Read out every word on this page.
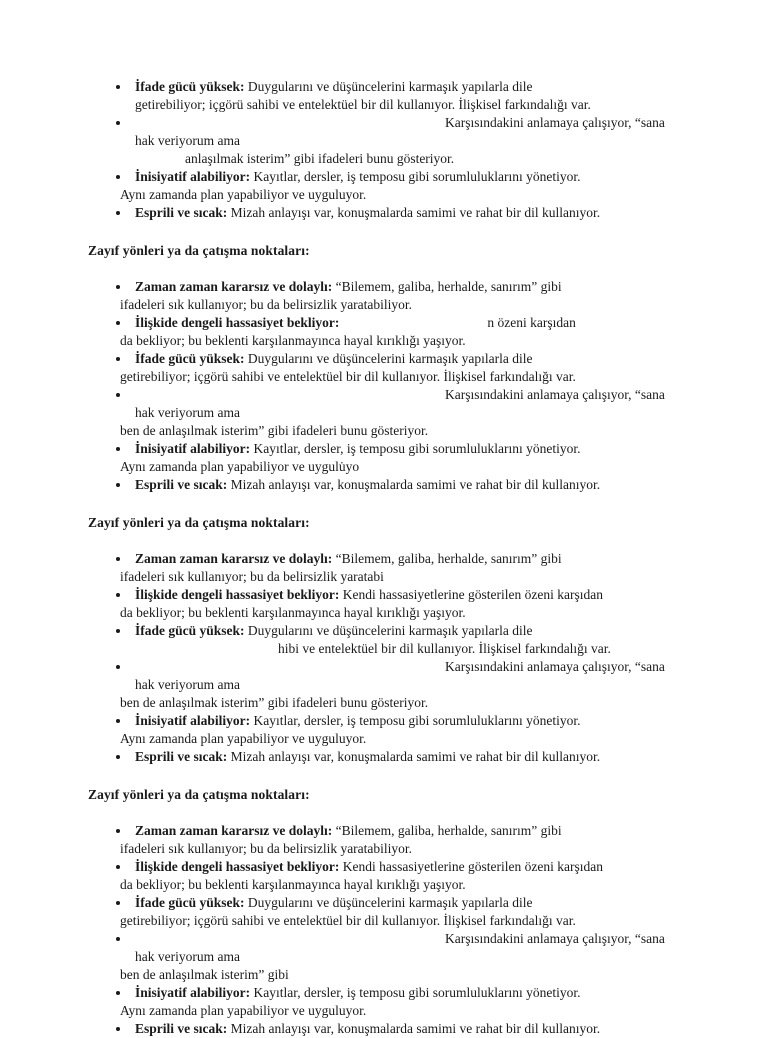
İfade gücü yüksek: Duygularını ve düşüncelerini karmaşık yapılarla dile
getirebiliyor; içgörü sahibi ve entelektüel bir dil kullanıyor. İlişkisel farkındalığı var.
Karşısındakini anlamaya çalışıyor, “sana hak veriyorum ama
anlaşılmak isterim” gibi ifadeleri bunu gösteriyor.
İnisiyatif alabiliyor: Kayıtlar, dersler, iş temposu gibi sorumluluklarını yönetiyor.
Aynı zamanda plan yapabiliyor ve uyguluyor.
Esprili ve sıcak: Mizah anlayışı var, konuşmalarda samimi ve rahat bir dil kullanıyor.
Zayıf yönleri ya da çatışma noktaları:
Zaman zaman kararsız ve dolaylı: “Bilemem, galiba, herhalde, sanırım” gibi
ifadeleri sık kullanıyor; bu da belirsizlik yaratabiliyor.
İlişkide dengeli hassasiyet bekliyor:	n özeni karşıdan
da bekliyor; bu beklenti karşılanmayınca hayal kırıklığı yaşıyor.
İfade gücü yüksek: Duygularını ve düşüncelerini karmaşık yapılarla dile
getirebiliyor; içgörü sahibi ve entelektüel bir dil kullanıyor. İlişkisel farkındalığı var.
Karşısındakini anlamaya çalışıyor, “sana hak veriyorum ama
ben de anlaşılmak isterim” gibi ifadeleri bunu gösteriyor.
İnisiyatif alabiliyor: Kayıtlar, dersler, iş temposu gibi sorumluluklarını yönetiyor.
Aynı zamanda plan yapabiliyor ve uygulu̇yo
Esprili ve sıcak: Mizah anlayışı var, konuşmalarda samimi ve rahat bir dil kullanıyor.
Zayıf yönleri ya da çatışma noktaları:
Zaman zaman kararsız ve dolaylı: “Bilemem, galiba, herhalde, sanırım” gibi
ifadeleri sık kullanıyor; bu da belirsizlik yaratabi
İlişkide dengeli hassasiyet bekliyor: Kendi hassasiyetlerine gösterilen özeni karşıdan
da bekliyor; bu beklenti karşılanmayınca hayal kırıklığı yaşıyor.
İfade gücü yüksek: Duygularını ve düşüncelerini karmaşık yapılarla dile
hibi ve entelektüel bir dil kullanıyor. İlişkisel farkındalığı var.
Karşısındakini anlamaya çalışıyor, “sana hak veriyorum ama
ben de anlaşılmak isterim” gibi ifadeleri bunu gösteriyor.
İnisiyatif alabiliyor: Kayıtlar, dersler, iş temposu gibi sorumluluklarını yönetiyor.
Aynı zamanda plan yapabiliyor ve uyguluyor.
Esprili ve sıcak: Mizah anlayışı var, konuşmalarda samimi ve rahat bir dil kullanıyor.
Zayıf yönleri ya da çatışma noktaları:
Zaman zaman kararsız ve dolaylı: “Bilemem, galiba, herhalde, sanırım” gibi
ifadeleri sık kullanıyor; bu da belirsizlik yaratabiliyor.
İlişkide dengeli hassasiyet bekliyor: Kendi hassasiyetlerine gösterilen özeni karşıdan
da bekliyor; bu beklenti karşılanmayınca hayal kırıklığı yaşıyor.
İfade gücü yüksek: Duygularını ve düşüncelerini karmaşık yapılarla dile
getirebiliyor; içgörü sahibi ve entelektüel bir dil kullanıyor. İlişkisel farkındalığı var.
Karşısındakini anlamaya çalışıyor, “sana hak veriyorum ama
ben de anlaşılmak isterim” gibi
İnisiyatif alabiliyor: Kayıtlar, dersler, iş temposu gibi sorumluluklarını yönetiyor.
Aynı zamanda plan yapabiliyor ve uyguluyor.
Esprili ve sıcak: Mizah anlayışı var, konuşmalarda samimi ve rahat bir dil kullanıyor.
